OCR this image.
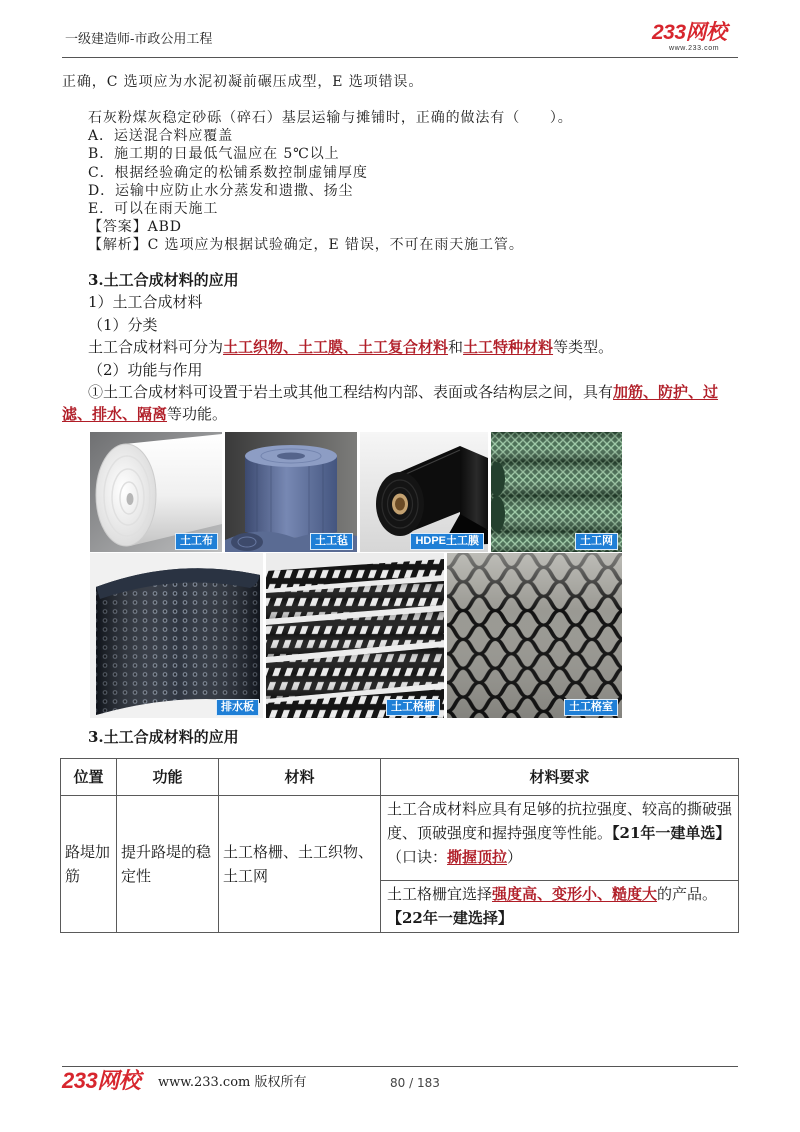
一级建造师-市政公用工程	233网校
www.233.com

正确，C 选项应为水泥初凝前碾压成型，E 选项错误。

石灰粉煤灰稳定砂砾（碎石）基层运输与摊铺时，正确的做法有（　　）。

A．运送混合料应覆盖

B．施工期的日最低气温应在 5℃以上

C．根据经验确定的松铺系数控制虚铺厚度

D．运输中应防止水分蒸发和遗撒、扬尘

E．可以在雨天施工

【答案】ABD

【解析】C 选项应为根据试验确定，E 错误，不可在雨天施工管。

3.土工合成材料的应用

1）土工合成材料

（1）分类

土工合成材料可分为土工织物、土工膜、土工复合材料和土工特种材料等类型。

（2）功能与作用

①土工合成材料可设置于岩土或其他工程结构内部、表面或各结构层之间，具有加筋、防护、过滤、排水、隔离等功能。

土工布	土工毡	HDPE土工膜	土工网
排水板	土工格栅	土工格室

3.土工合成材料的应用

位置	功能	材料	材料要求
路堤加筋	提升路堤的稳定性	土工格栅、土工织物、土工网	土工合成材料应具有足够的抗拉强度、较高的撕破强度、顶破强度和握持强度等性能。【21年一建单选】（口诀：撕握顶拉）
			土工格栅宜选择强度高、变形小、糙度大的产品。【22年一建选择】
233网校 www.233.com 版权所有	80 / 183
